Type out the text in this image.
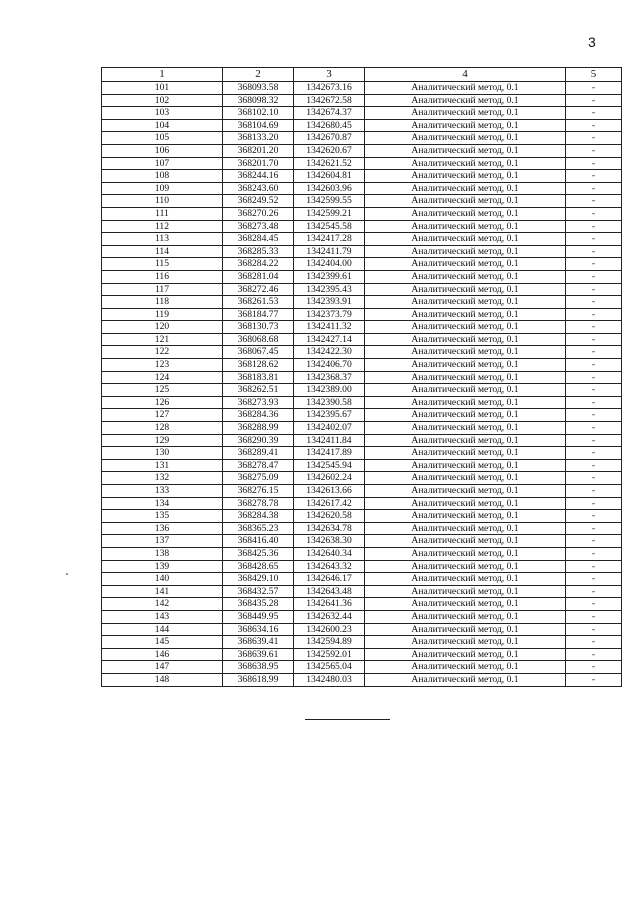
3
1	2	3	4	5
101	368093.58	1342673.16	Аналитический метод, 0.1	-
102	368098.32	1342672.58	Аналитический метод, 0.1	-
103	368102.10	1342674.37	Аналитический метод, 0.1	-
104	368104.69	1342680.45	Аналитический метод, 0.1	-
105	368133.20	1342670.87	Аналитический метод, 0.1	-
106	368201.20	1342620.67	Аналитический метод, 0.1	-
107	368201.70	1342621.52	Аналитический метод, 0.1	-
108	368244.16	1342604.81	Аналитический метод, 0.1	-
109	368243.60	1342603.96	Аналитический метод, 0.1	-
110	368249.52	1342599.55	Аналитический метод, 0.1	-
111	368270.26	1342599.21	Аналитический метод, 0.1	-
112	368273.48	1342545.58	Аналитический метод, 0.1	-
113	368284.45	1342417.28	Аналитический метод, 0.1	-
114	368285.33	1342411.79	Аналитический метод, 0.1	-
115	368284.22	1342404.00	Аналитический метод, 0.1	-
116	368281.04	1342399.61	Аналитический метод, 0.1	-
117	368272.46	1342395.43	Аналитический метод, 0.1	-
118	368261.53	1342393.91	Аналитический метод, 0.1	-
119	368184.77	1342373.79	Аналитический метод, 0.1	-
120	368130.73	1342411.32	Аналитический метод, 0.1	-
121	368068.68	1342427.14	Аналитический метод, 0.1	-
122	368067.45	1342422.30	Аналитический метод, 0.1	-
123	368128.62	1342406.70	Аналитический метод, 0.1	-
124	368183.81	1342368.37	Аналитический метод, 0.1	-
125	368262.51	1342389.00	Аналитический метод, 0.1	-
126	368273.93	1342390.58	Аналитический метод, 0.1	-
127	368284.36	1342395.67	Аналитический метод, 0.1	-
128	368288.99	1342402.07	Аналитический метод, 0.1	-
129	368290.39	1342411.84	Аналитический метод, 0.1	-
130	368289.41	1342417.89	Аналитический метод, 0.1	-
131	368278.47	1342545.94	Аналитический метод, 0.1	-
132	368275.09	1342602.24	Аналитический метод, 0.1	-
133	368276.15	1342613.66	Аналитический метод, 0.1	-
134	368278.78	1342617.42	Аналитический метод, 0.1	-
135	368284.38	1342620.58	Аналитический метод, 0.1	-
136	368365.23	1342634.78	Аналитический метод, 0.1	-
137	368416.40	1342638.30	Аналитический метод, 0.1	-
138	368425.36	1342640.34	Аналитический метод, 0.1	-
139	368428.65	1342643.32	Аналитический метод, 0.1	-
140	368429.10	1342646.17	Аналитический метод, 0.1	-
141	368432.57	1342643.48	Аналитический метод, 0.1	-
142	368435.28	1342641.36	Аналитический метод, 0.1	-
143	368449.95	1342632.44	Аналитический метод, 0.1	-
144	368634.16	1342600.23	Аналитический метод, 0.1	-
145	368639.41	1342594.89	Аналитический метод, 0.1	-
146	368639.61	1342592.01	Аналитический метод, 0.1	-
147	368638.95	1342565.04	Аналитический метод, 0.1	-
148	368618.99	1342480.03	Аналитический метод, 0.1	-
